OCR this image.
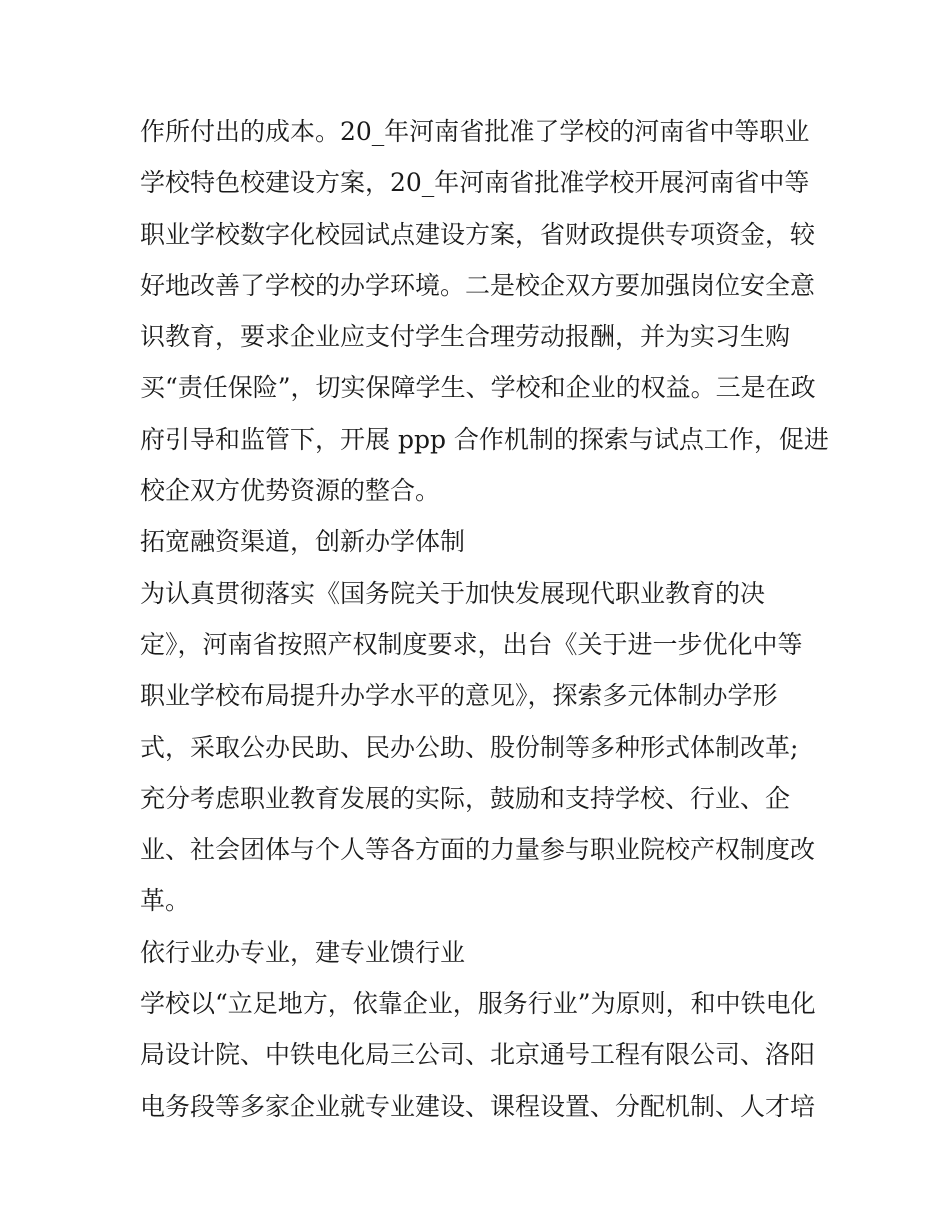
作所付出的成本。20_年河南省批准了学校的河南省中等职业
学校特色校建设方案，20_年河南省批准学校开展河南省中等
职业学校数字化校园试点建设方案，省财政提供专项资金，较
好地改善了学校的办学环境。二是校企双方要加强岗位安全意
识教育，要求企业应支付学生合理劳动报酬，并为实习生购
买“责任保险”，切实保障学生、学校和企业的权益。三是在政
府引导和监管下，开展 ppp 合作机制的探索与试点工作，促进
校企双方优势资源的整合。
拓宽融资渠道，创新办学体制
为认真贯彻落实《国务院关于加快发展现代职业教育的决
定》，河南省按照产权制度要求，出台《关于进一步优化中等
职业学校布局提升办学水平的意见》，探索多元体制办学形
式，采取公办民助、民办公助、股份制等多种形式体制改革;
充分考虑职业教育发展的实际，鼓励和支持学校、行业、企
业、社会团体与个人等各方面的力量参与职业院校产权制度改
革。
依行业办专业，建专业馈行业
学校以“立足地方，依靠企业，服务行业”为原则，和中铁电化
局设计院、中铁电化局三公司、北京通号工程有限公司、洛阳
电务段等多家企业就专业建设、课程设置、分配机制、人才培
